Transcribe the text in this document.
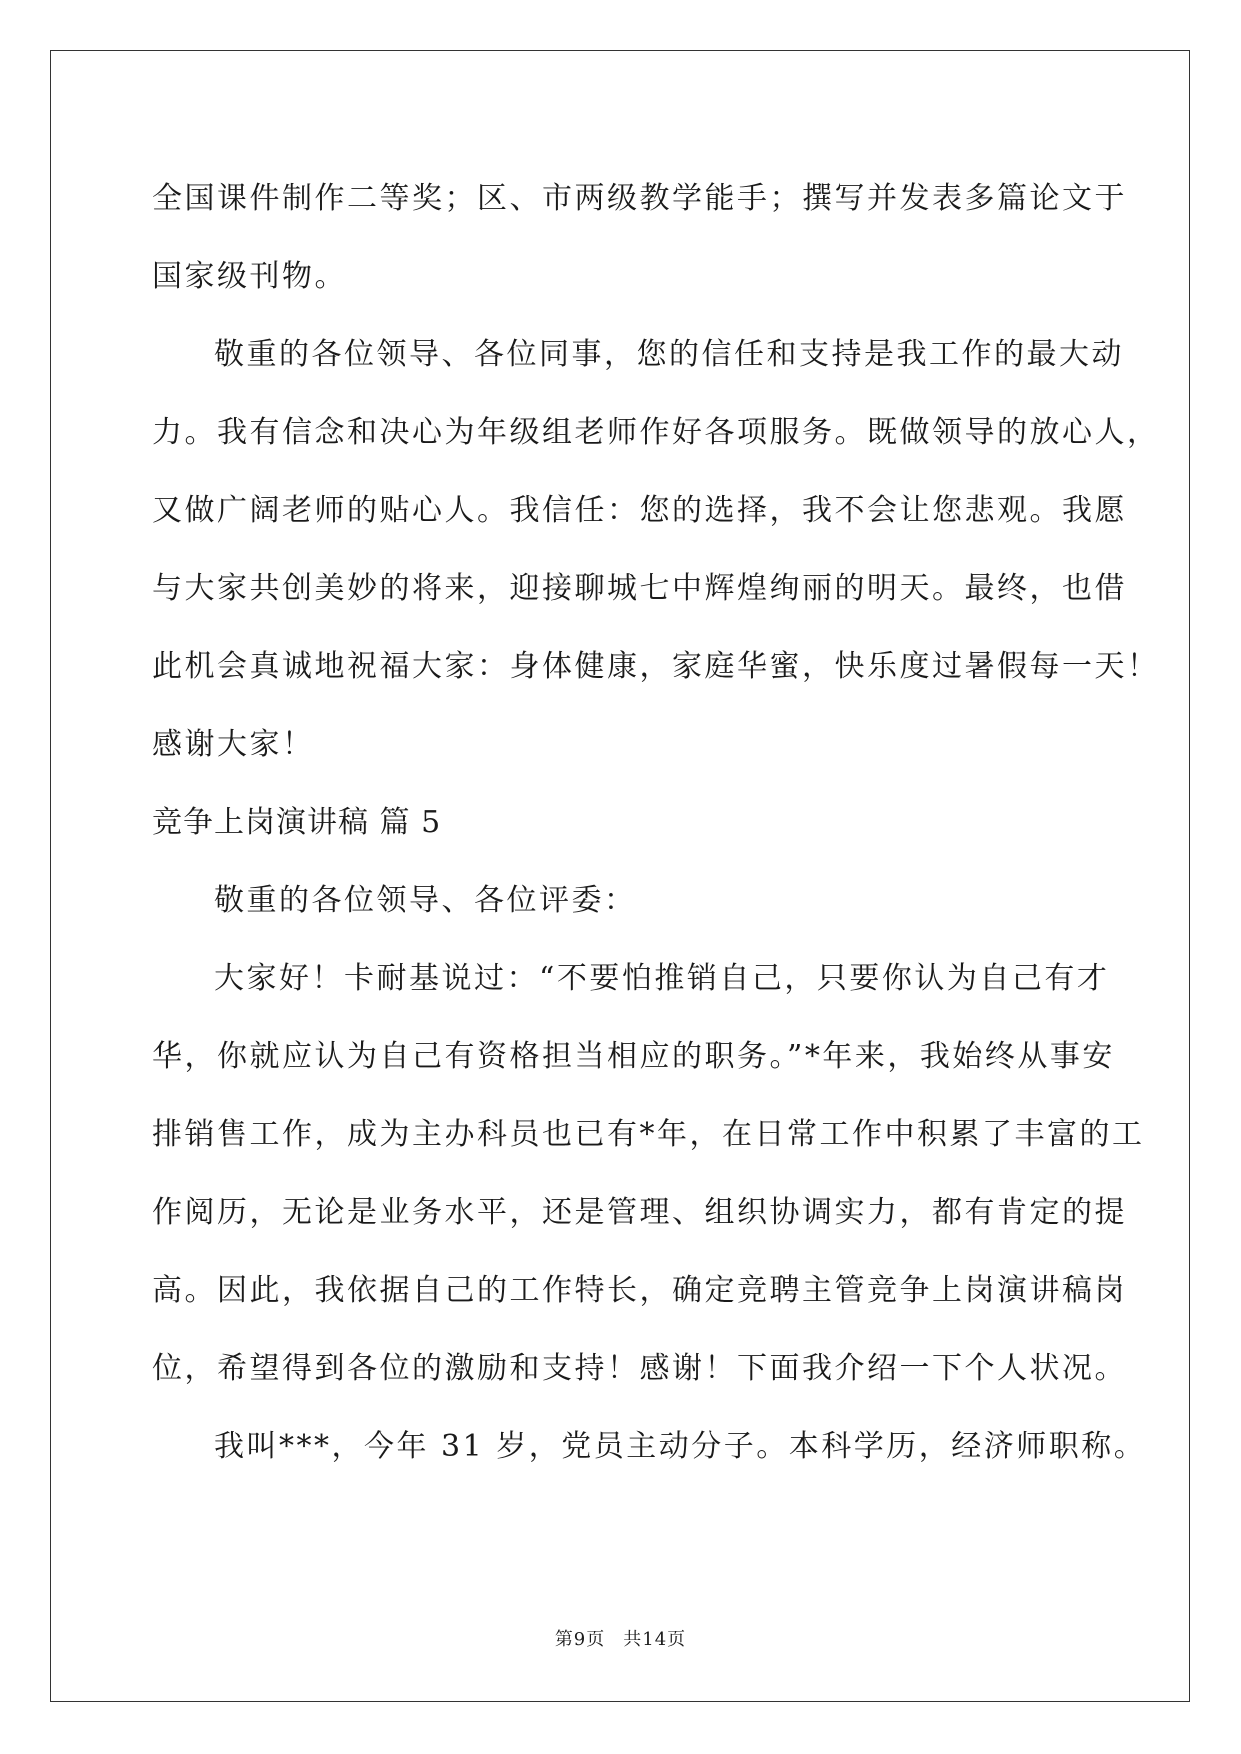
全国课件制作二等奖；区、市两级教学能手；撰写并发表多篇论文于
国家级刊物。
敬重的各位领导、各位同事，您的信任和支持是我工作的最大动
力。我有信念和决心为年级组老师作好各项服务。既做领导的放心人，
又做广阔老师的贴心人。我信任：您的选择，我不会让您悲观。我愿
与大家共创美妙的将来，迎接聊城七中辉煌绚丽的明天。最终，也借
此机会真诚地祝福大家：身体健康，家庭华蜜，快乐度过暑假每一天！
感谢大家！
竞争上岗演讲稿 篇 5
敬重的各位领导、各位评委：
大家好！卡耐基说过：“不要怕推销自己，只要你认为自己有才
华，你就应认为自己有资格担当相应的职务。”*年来，我始终从事安
排销售工作，成为主办科员也已有*年，在日常工作中积累了丰富的工
作阅历，无论是业务水平，还是管理、组织协调实力，都有肯定的提
高。因此，我依据自己的工作特长，确定竞聘主管竞争上岗演讲稿岗
位，希望得到各位的激励和支持！感谢！下面我介绍一下个人状况。
我叫***，今年 31 岁，党员主动分子。本科学历，经济师职称。
第9页 共14页
